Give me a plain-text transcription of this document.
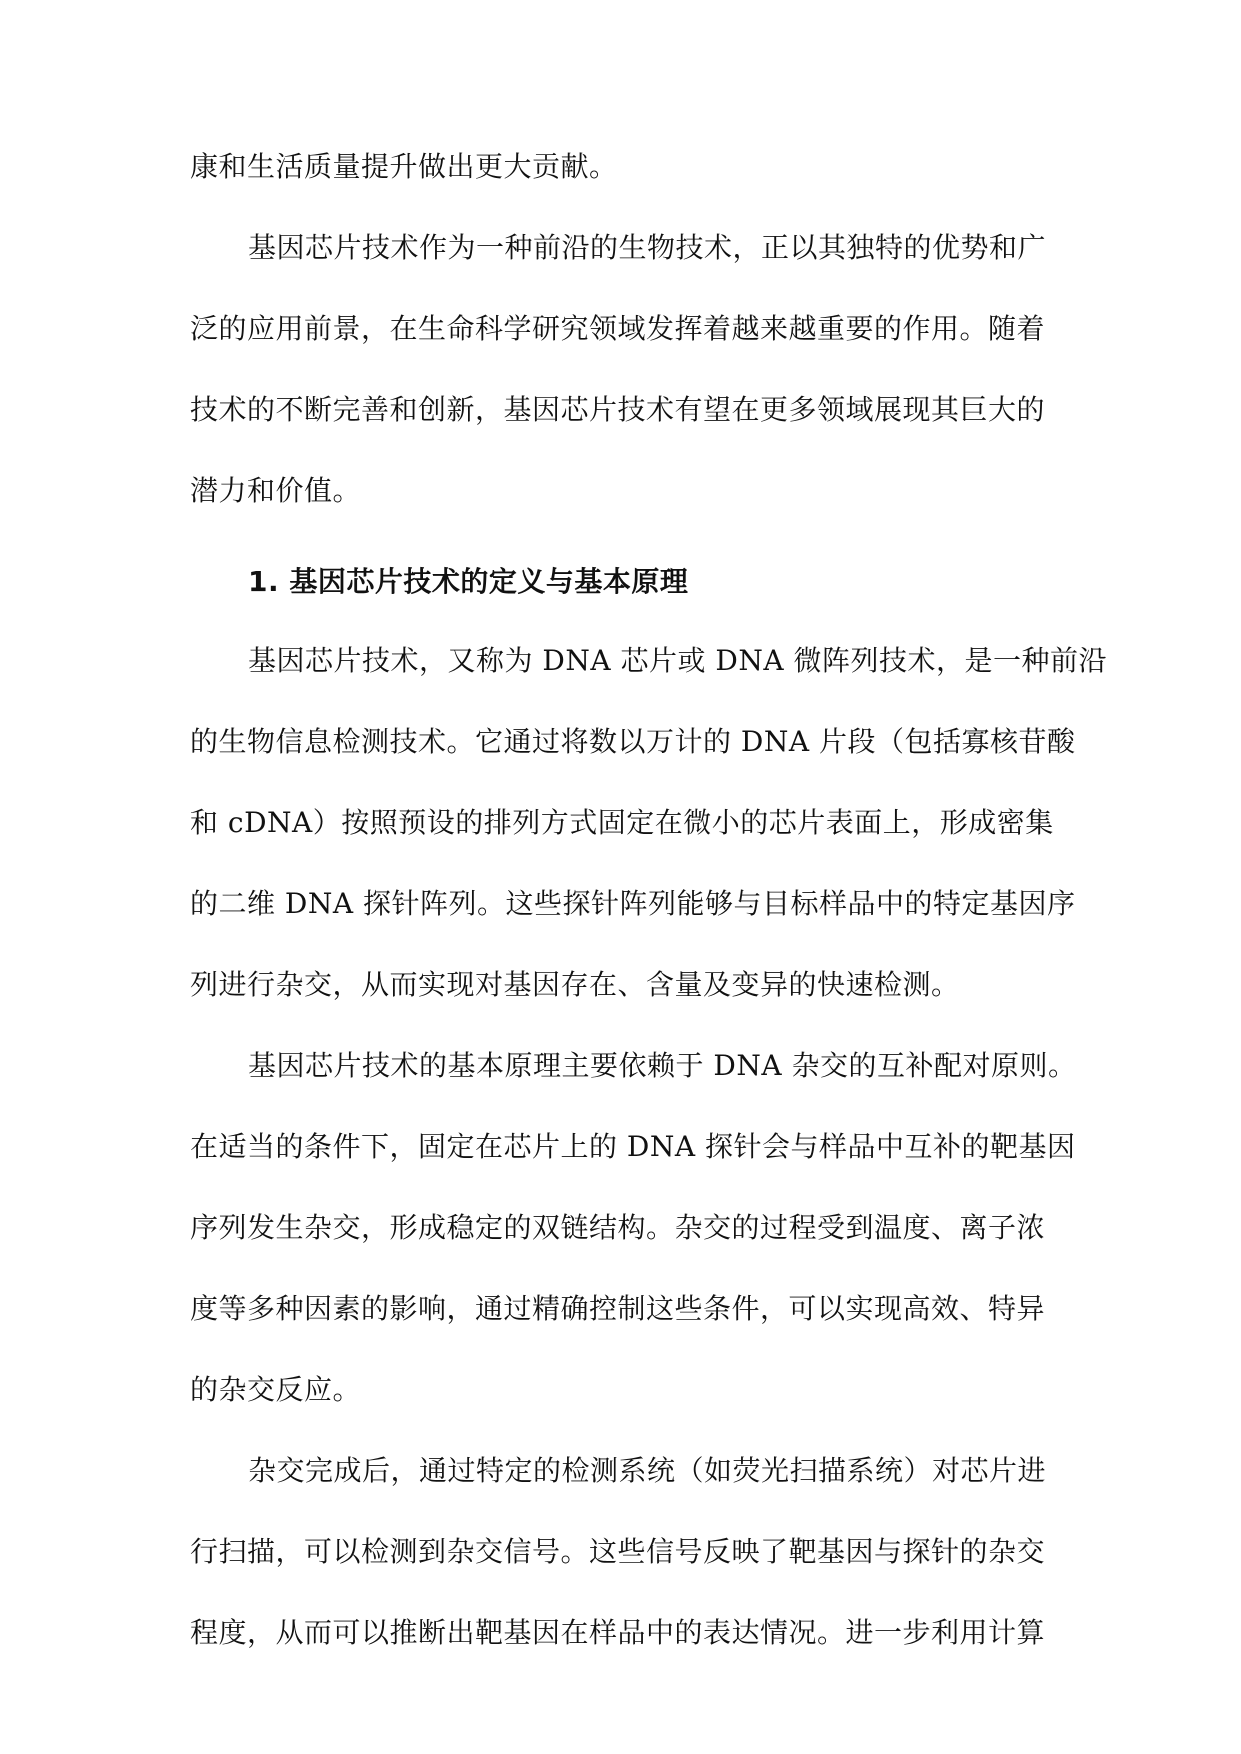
康和生活质量提升做出更大贡献。
基因芯片技术作为一种前沿的生物技术，正以其独特的优势和广
泛的应用前景，在生命科学研究领域发挥着越来越重要的作用。随着
技术的不断完善和创新，基因芯片技术有望在更多领域展现其巨大的
潜力和价值。
1. 基因芯片技术的定义与基本原理
基因芯片技术，又称为 DNA 芯片或 DNA 微阵列技术，是一种前沿
的生物信息检测技术。它通过将数以万计的 DNA 片段（包括寡核苷酸
和 cDNA）按照预设的排列方式固定在微小的芯片表面上，形成密集
的二维 DNA 探针阵列。这些探针阵列能够与目标样品中的特定基因序
列进行杂交，从而实现对基因存在、含量及变异的快速检测。
基因芯片技术的基本原理主要依赖于 DNA 杂交的互补配对原则。
在适当的条件下，固定在芯片上的 DNA 探针会与样品中互补的靶基因
序列发生杂交，形成稳定的双链结构。杂交的过程受到温度、离子浓
度等多种因素的影响，通过精确控制这些条件，可以实现高效、特异
的杂交反应。
杂交完成后，通过特定的检测系统（如荧光扫描系统）对芯片进
行扫描，可以检测到杂交信号。这些信号反映了靶基因与探针的杂交
程度，从而可以推断出靶基因在样品中的表达情况。进一步利用计算
